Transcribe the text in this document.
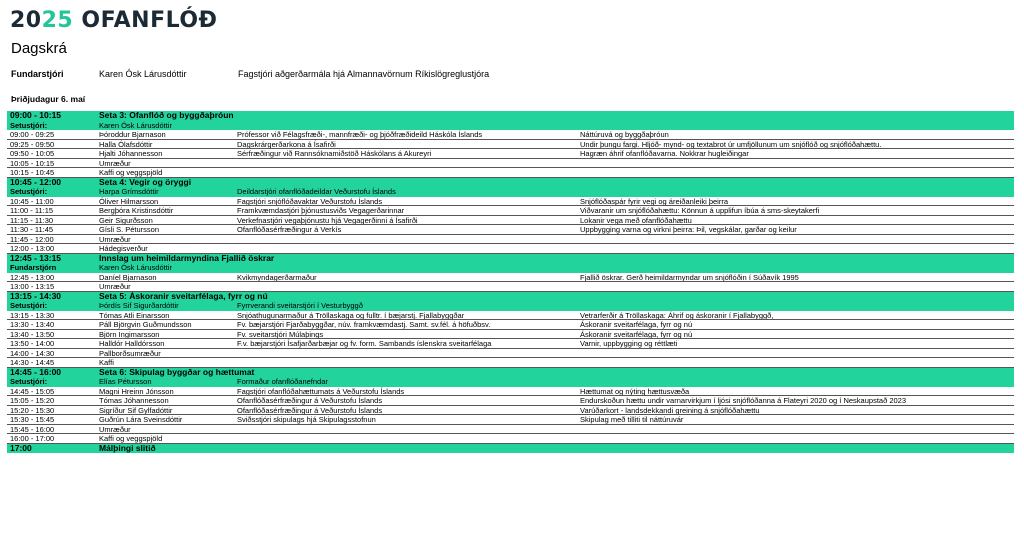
2025 OFANFLÓÐ
Dagskrá
Fundarstjóri	Karen Ósk Lárusdóttir	Fagstjóri aðgerðarmála hjá Almannavörnum Ríkislögreglustjóra
Þriðjudagur 6. maí
09:00 - 10:15	Seta 3: Ofanflóð og byggðaþróun
Setustjóri:	Karen Ósk Lárusdóttir
09:00 - 09:25	Þóroddur Bjarnason	Prófessor við Félagsfræði-, mannfræði- og þjóðfræðideild Háskóla Íslands	Náttúruvá og byggðaþróun
09:25 - 09:50	Halla Ólafsdóttir	Dagskrárgerðarkona á Ísafirði	Undir þungu fargi. Hljóð- mynd- og textabrot úr umfjöllunum um snjóflóð og snjóflóðahættu.
09:50 - 10:05	Hjalti Jóhannesson	Sérfræðingur við Rannsóknamiðstöð Háskólans á Akureyri	Hagræn áhrif ofanflóðavarna. Nokkrar hugleiðingar
10:05 - 10:15	Umræður
10:15 - 10:45	Kaffi og veggspjöld
10:45 - 12:00	Seta 4: Vegir og öryggi
Setustjóri:	Harpa Grímsdóttir	Deildarstjóri ofanflóðadeildar Veðurstofu Íslands
10:45 - 11:00	Óliver Hilmarsson	Fagstjóri snjóflóðavaktar Veðurstofu Íslands	Snjóflóðaspár fyrir vegi og áreiðanleiki þeirra
11:00 - 11:15	Bergþóra Kristinsdóttir	Framkvæmdastjóri þjónustusviðs Vegagerðarinnar	Viðvaranir um snjóflóðahættu: Könnun á upplifun íbúa á sms-skeytakerfi
11:15 - 11:30	Geir Sigurðsson	Verkefnastjóri vegaþjónustu hjá Vegagerðinni á Ísafirði	Lokanir vega með ofanflóðahættu
11:30 - 11:45	Gísli S. Pétursson	Ofanflóðasérfræðingur á Verkís	Uppbygging varna og virkni þeirra: Þil, vegskálar, garðar og keilur
11:45 - 12:00	Umræður
12:00 - 13:00	Hádegisverður
12:45 - 13:15	Innslag um heimildarmyndina Fjallið öskrar
Fundarstjórn	Karen Ósk Lárusdóttir
12:45 - 13:00	Daníel Bjarnason	Kvikmyndagerðarmaður	Fjallið öskrar. Gerð heimildarmyndar um snjóflóðin í Súðavík 1995
13:00 - 13:15	Umræður
13:15 - 14:30	Seta 5: Áskoranir sveitarfélaga, fyrr og nú
Setustjóri:	Þórdís Sif Sigurðardóttir	Fyrrverandi sveitarstjóri í Vesturbyggð
13:15 - 13:30	Tómas Atli Einarsson	Snjóathugunarmaður á Tröllaskaga og fulltr. í bæjarstj. Fjallabyggðar	Vetrarferðir á Tröllaskaga: Áhrif og áskoranir í Fjallabyggð,
13:30 - 13:40	Páll Björgvin Guðmundsson	Fv. bæjarstjóri Fjarðabyggðar, núv. framkvæmdastj. Samt. sv.fél. á höfuðbsv.	Áskoranir sveitarfélaga, fyrr og nú
13:40 - 13:50	Björn Ingimarsson	Fv. sveitarstjóri Múlaþings	Áskoranir sveitarfélaga, fyrr og nú
13:50 - 14:00	Halldór Halldórsson	F.v. bæjarstjóri Ísafjarðarbæjar og fv. form. Sambands íslenskra sveitarfélaga	Varnir, uppbygging og réttlæti
14:00 - 14:30	Pallborðsumræður
14:30 - 14:45	Kaffi
14:45 - 16:00	Seta 6: Skipulag byggðar og hættumat
Setustjóri:	Elías Pétursson	Formaður ofanflóðanefndar
14:45 - 15:05	Magni Hreinn Jónsson	Fagstjóri ofanflóðahættumats á Veðurstofu Íslands	Hættumat og nýting hættusvæða
15:05 - 15:20	Tómas Jóhannesson	Ofanflóðasérfræðingur á Veðurstofu Íslands	Endurskoðun hættu undir varnarvirkjum í ljósi snjóflóðanna á Flateyri 2020 og í Neskaupstað 2023
15:20 - 15:30	Sigríður Sif Gylfadóttir	Ofanflóðasérfræðingur á Veðurstofu Íslands	Varúðarkort - landsdekkandi greining á snjóflóðahættu
15:30 - 15:45	Guðrún Lára Sveinsdóttir	Sviðsstjóri skipulags hjá Skipulagsstofnun	Skipulag með tilliti til náttúruvár
15:45 - 16:00	Umræður
16:00 - 17:00	Kaffi og veggspjöld
17:00	Málþingi slitið
